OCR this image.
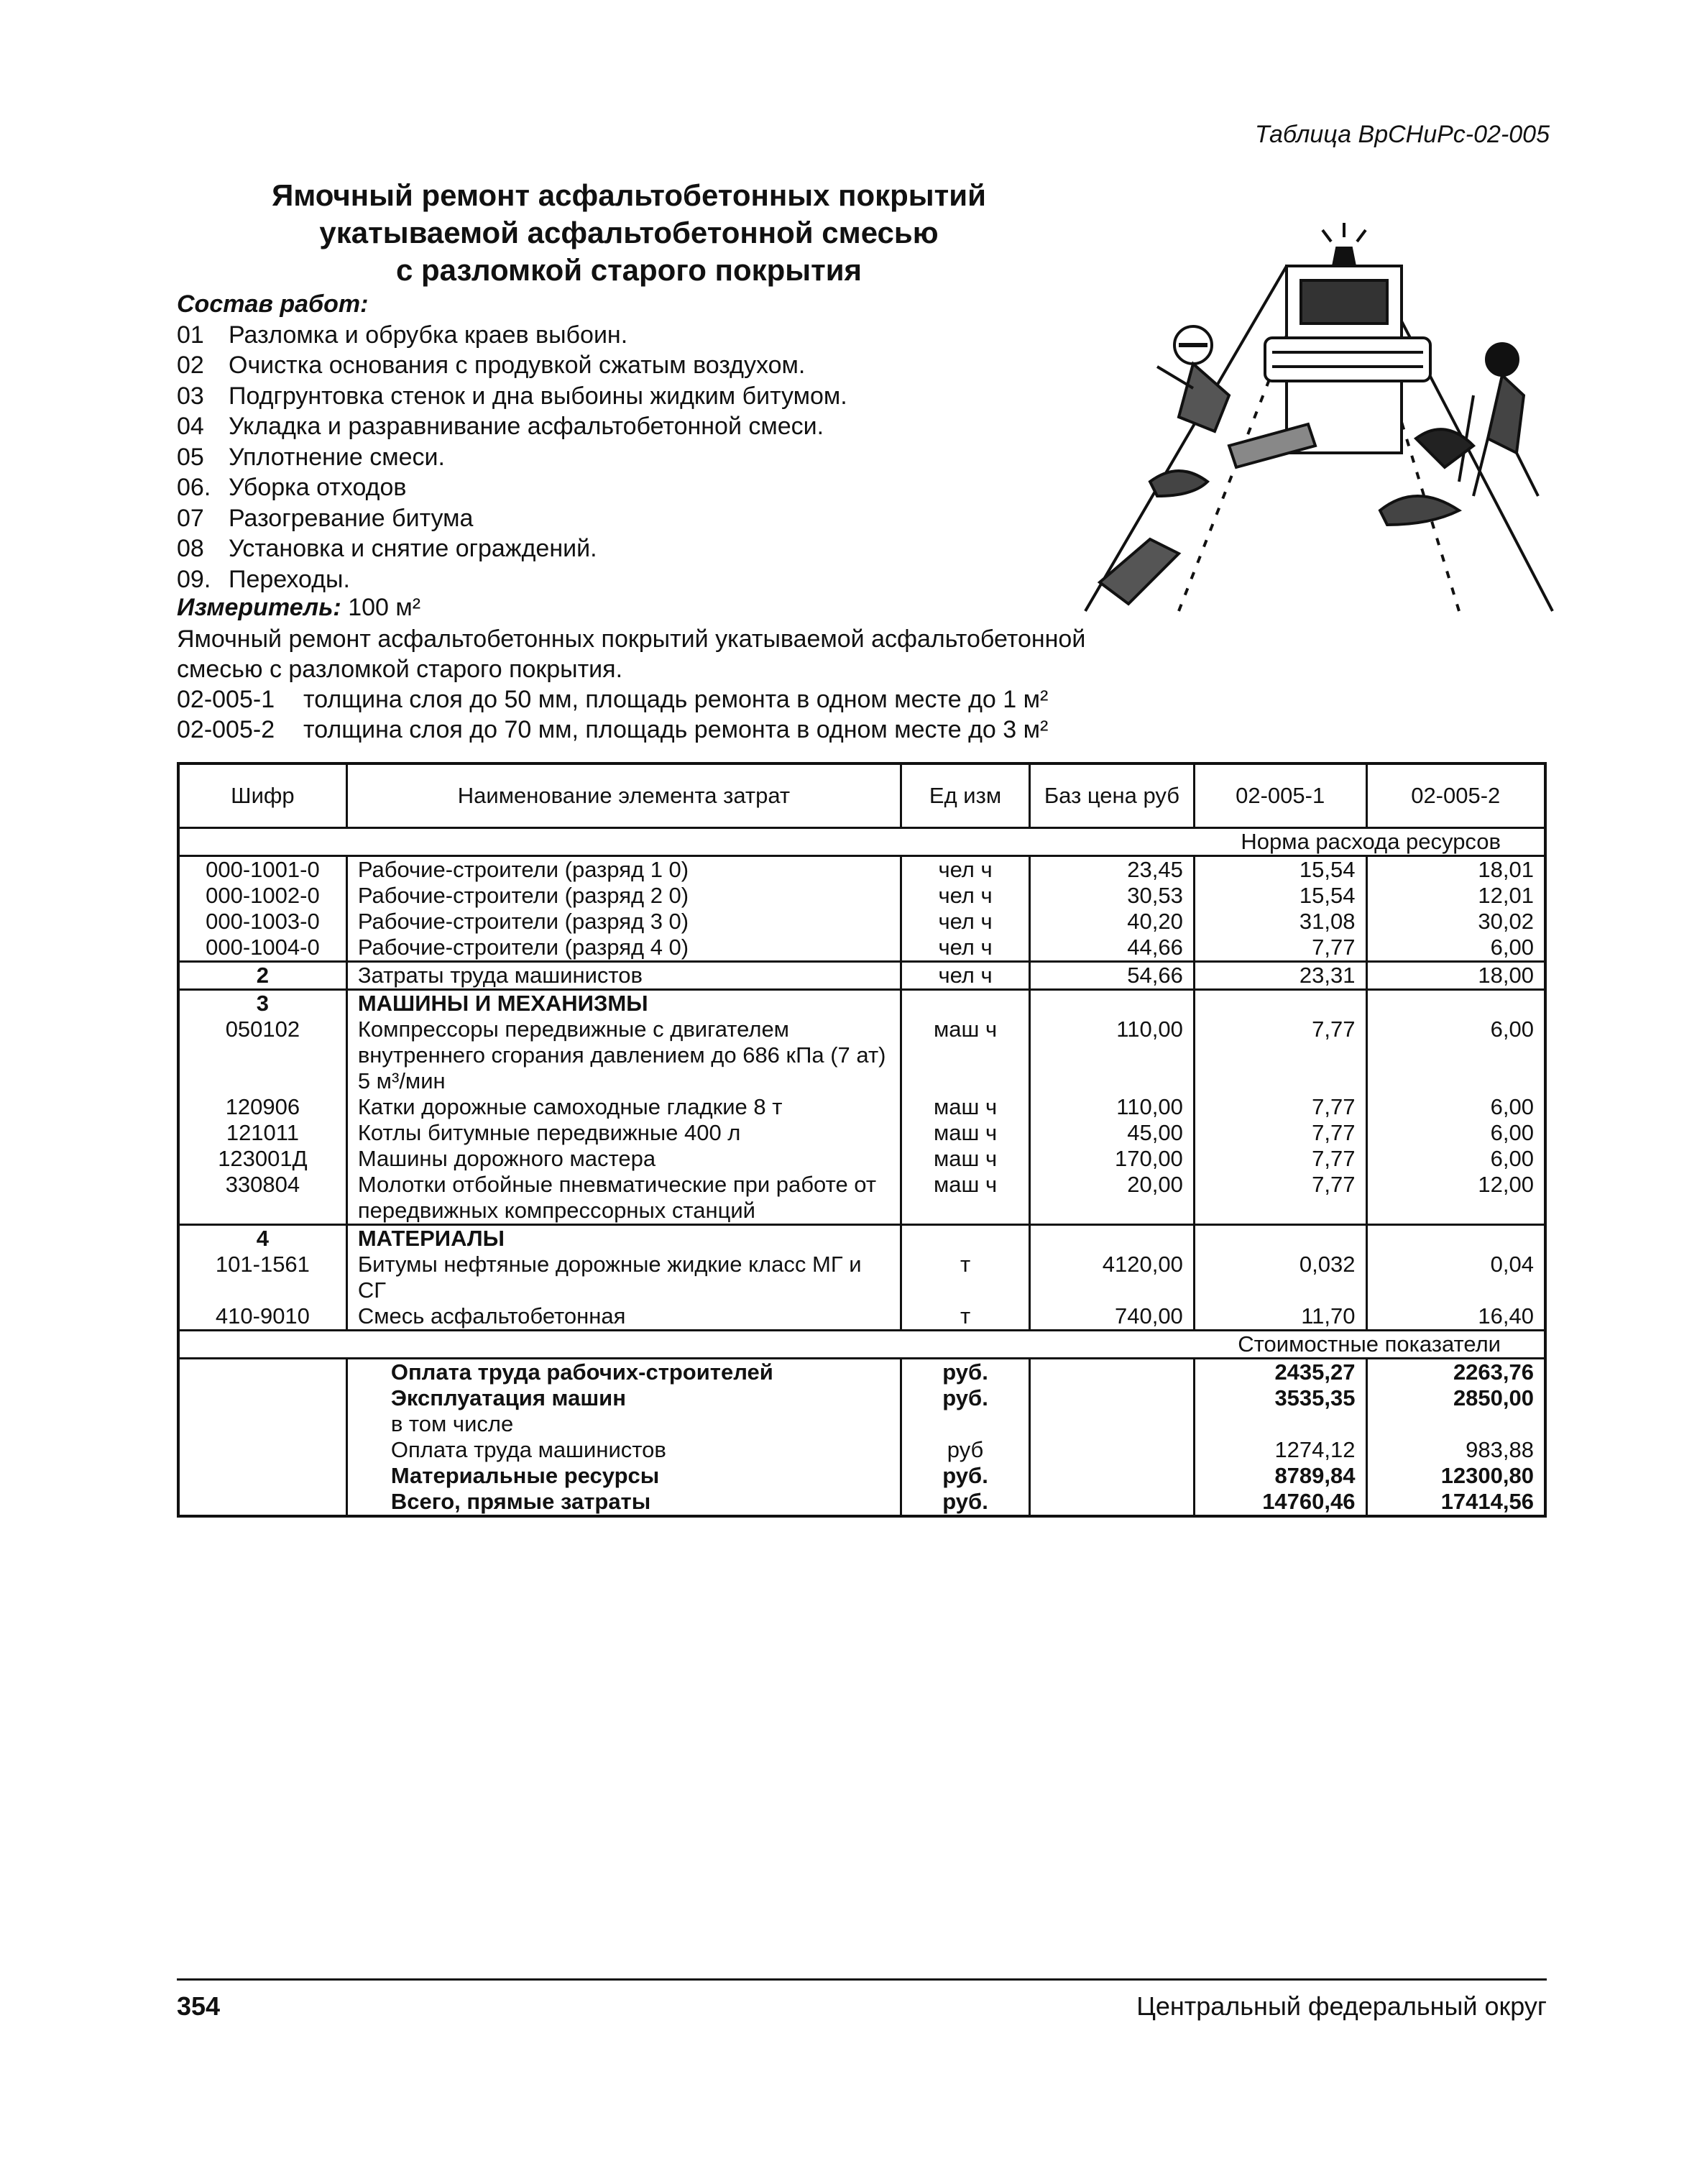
Таблица ВрСНиРс-02-005
Ямочный ремонт асфальтобетонных покрытий
укатываемой асфальтобетонной смесью
с разломкой старого покрытия
Состав работ:
01 Разломка и обрубка краев выбоин.
02 Очистка основания с продувкой сжатым воздухом.
03 Подгрунтовка стенок и дна выбоины жидким битумом.
04 Укладка и разравнивание асфальтобетонной смеси.
05 Уплотнение смеси.
06. Уборка отходов
07 Разогревание битума
08 Установка и снятие ограждений.
09. Переходы.
Измеритель: 100 м²
Ямочный ремонт асфальтобетонных покрытий укатываемой асфальтобетонной
смесью с разломкой старого покрытия.
02-005-1 толщина слоя до 50 мм, площадь ремонта в одном месте до 1 м²
02-005-2 толщина слоя до 70 мм, площадь ремонта в одном месте до 3 м²
Шифр	Наименование элемента затрат	Ед изм	Баз цена руб	02-005-1	02-005-2
Норма расхода ресурсов					
000-1001-0	Рабочие-строители (разряд 1 0)	чел ч	23,45	15,54	18,01
000-1002-0	Рабочие-строители (разряд 2 0)	чел ч	30,53	15,54	12,01
000-1003-0	Рабочие-строители (разряд 3 0)	чел ч	40,20	31,08	30,02
000-1004-0	Рабочие-строители (разряд 4 0)	чел ч	44,66	7,77	6,00
2	Затраты труда машинистов	чел ч	54,66	23,31	18,00
3	МАШИНЫ И МЕХАНИЗМЫ				
050102	Компрессоры передвижные с двигателем внутреннего сгорания давлением до 686 кПа (7 ат) 5 м³/мин	маш ч	110,00	7,77	6,00
120906	Катки дорожные самоходные гладкие 8 т	маш ч	110,00	7,77	6,00
121011	Котлы битумные передвижные 400 л	маш ч	45,00	7,77	6,00
123001Д	Машины дорожного мастера	маш ч	170,00	7,77	6,00
330804	Молотки отбойные пневматические при работе от передвижных компрессорных станций	маш ч	20,00	7,77	12,00
4	МАТЕРИАЛЫ				
101-1561	Битумы нефтяные дорожные жидкие класс МГ и СГ	т	4120,00	0,032	0,04
410-9010	Смесь асфальтобетонная	т	740,00	11,70	16,40
Стоимостные показатели					
	Оплата труда рабочих-строителей	руб.		2435,27	2263,76
	Эксплуатация машин	руб.		3535,35	2850,00
	в том числе				
	Оплата труда машинистов	руб		1274,12	983,88
	Материальные ресурсы	руб.		8789,84	12300,80
	Всего, прямые затраты	руб.		14760,46	17414,56
354	Центральный федеральный округ
